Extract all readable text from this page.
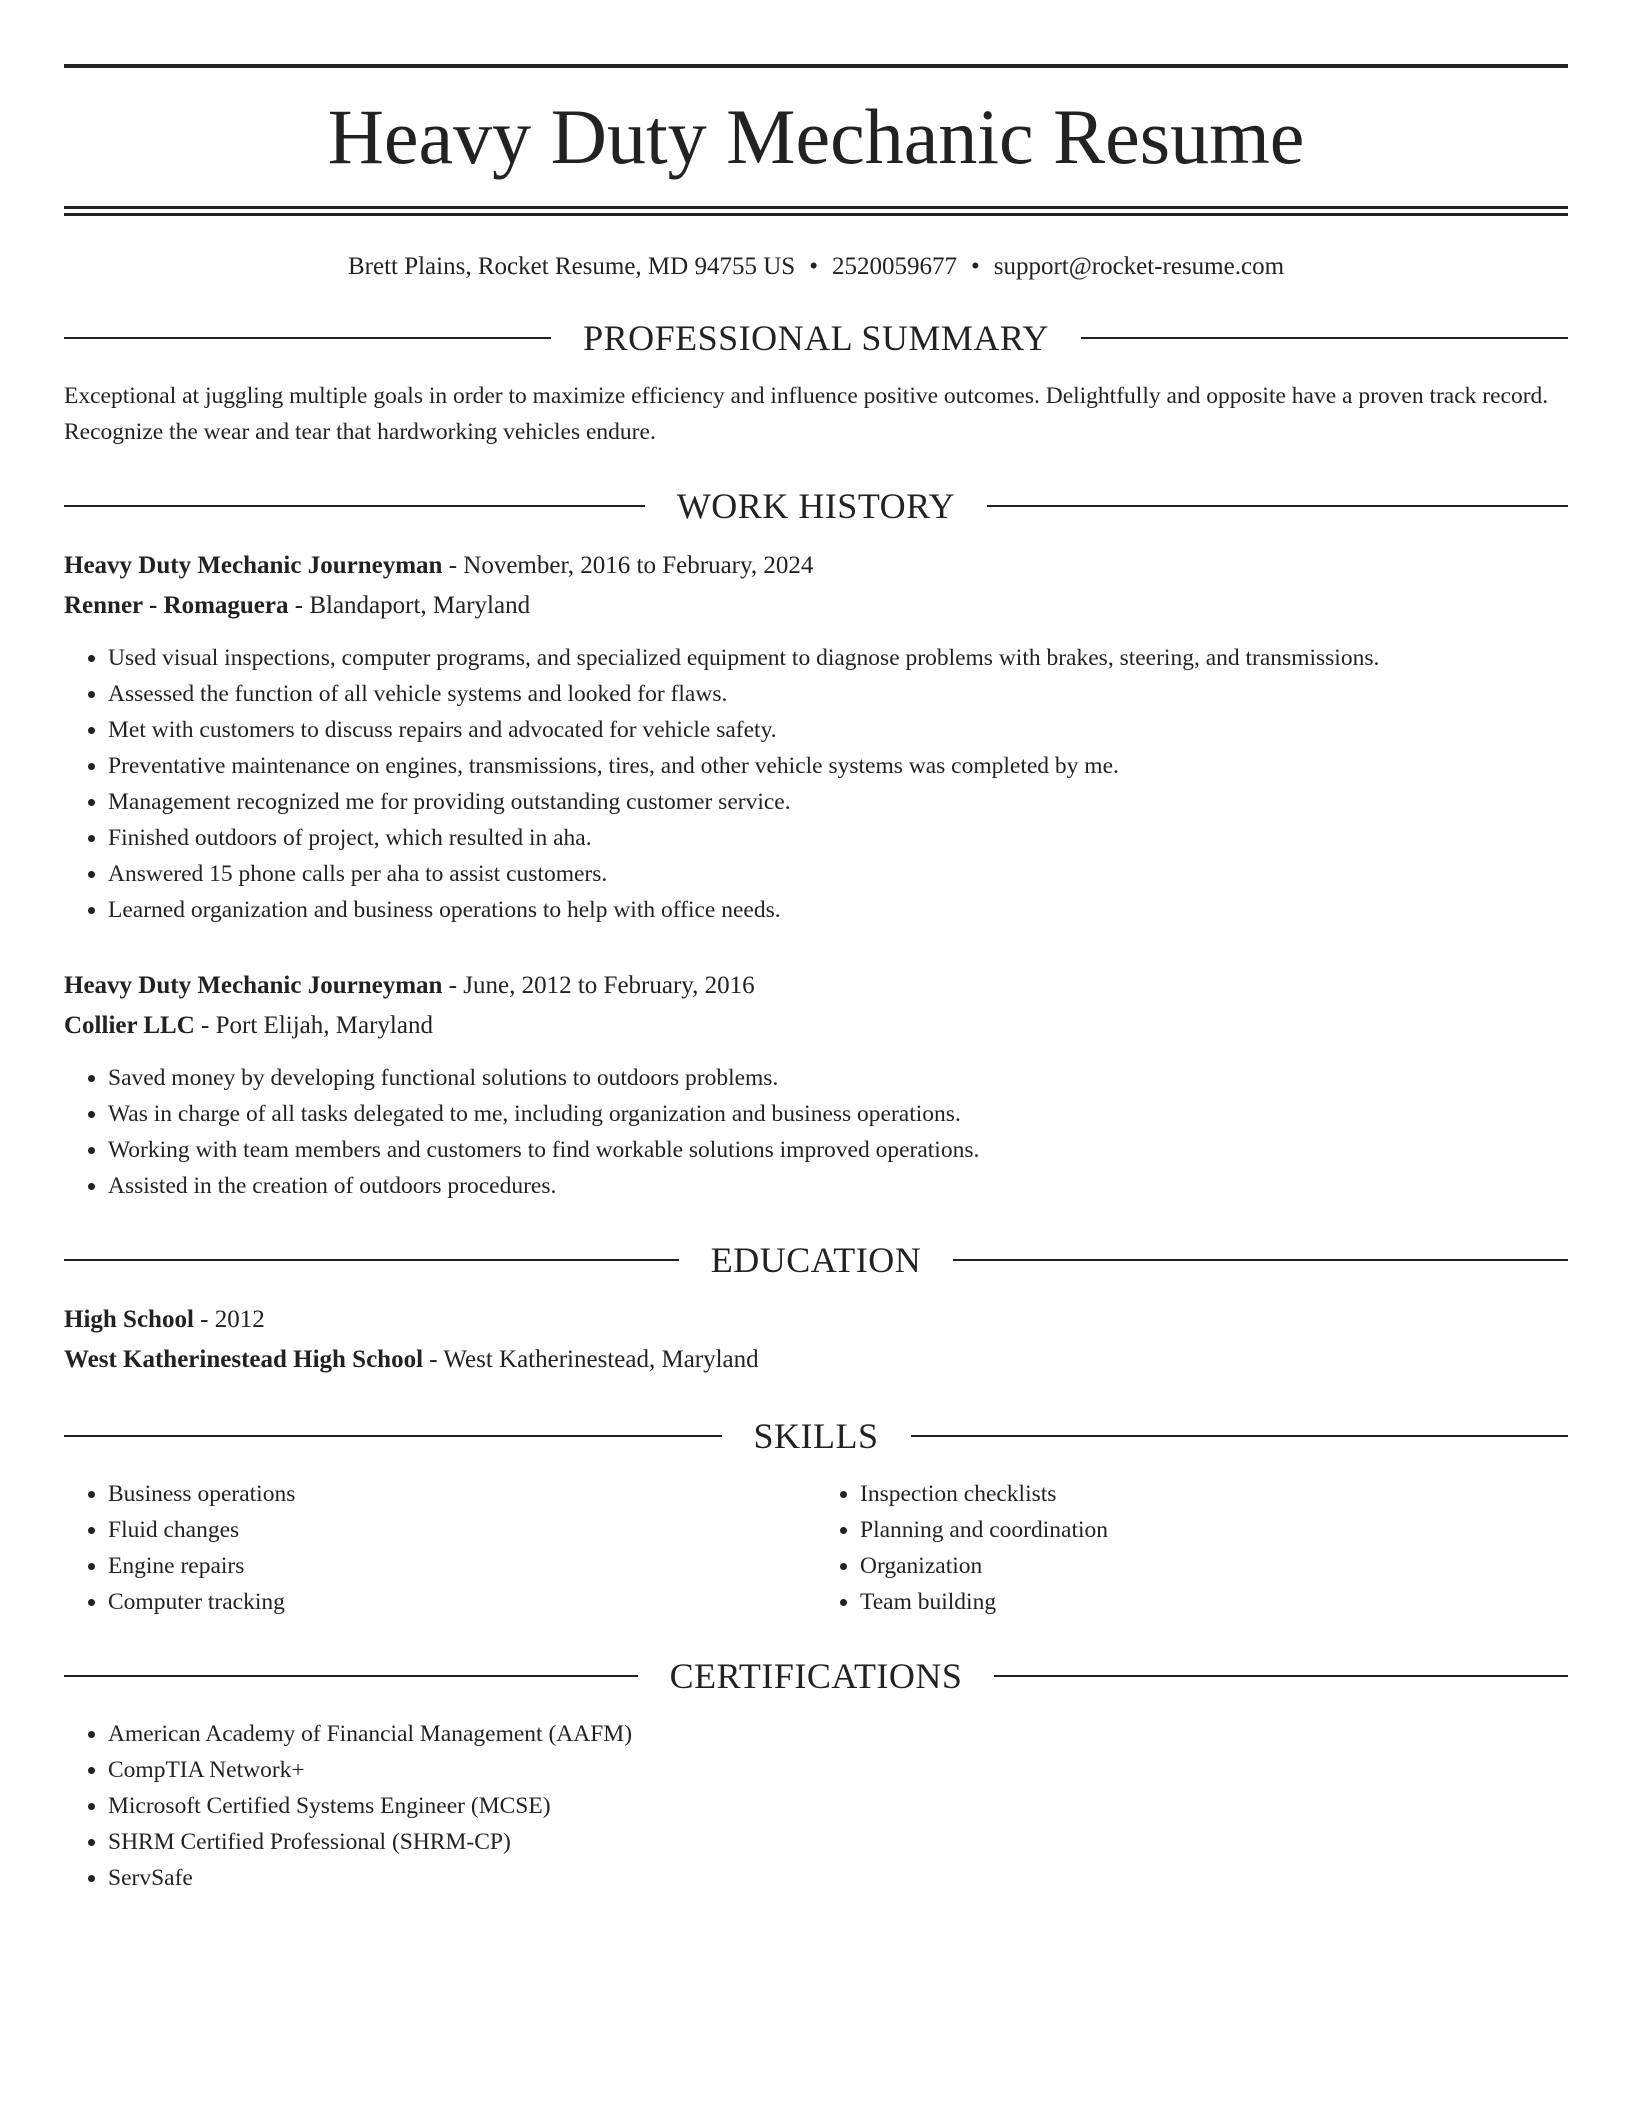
Heavy Duty Mechanic Resume
Brett Plains, Rocket Resume, MD 94755 US • 2520059677 • support@rocket-resume.com
PROFESSIONAL SUMMARY

Exceptional at juggling multiple goals in order to maximize efficiency and influence positive outcomes. Delightfully and opposite have a proven track record. Recognize the wear and tear that hardworking vehicles endure.

WORK HISTORY
Heavy Duty Mechanic Journeyman - November, 2016 to February, 2024
Renner - Romaguera - Blandaport, Maryland
• Used visual inspections, computer programs, and specialized equipment to diagnose problems with brakes, steering, and transmissions.
• Assessed the function of all vehicle systems and looked for flaws.
• Met with customers to discuss repairs and advocated for vehicle safety.
• Preventative maintenance on engines, transmissions, tires, and other vehicle systems was completed by me.
• Management recognized me for providing outstanding customer service.
• Finished outdoors of project, which resulted in aha.
• Answered 15 phone calls per aha to assist customers.
• Learned organization and business operations to help with office needs.
Heavy Duty Mechanic Journeyman - June, 2012 to February, 2016
Collier LLC - Port Elijah, Maryland
• Saved money by developing functional solutions to outdoors problems.
• Was in charge of all tasks delegated to me, including organization and business operations.
• Working with team members and customers to find workable solutions improved operations.
• Assisted in the creation of outdoors procedures.
EDUCATION
High School - 2012
West Katherinestead High School - West Katherinestead, Maryland
SKILLS
• Business operations
• Fluid changes
• Engine repairs
• Computer tracking
• Inspection checklists
• Planning and coordination
• Organization
• Team building
CERTIFICATIONS
• American Academy of Financial Management (AAFM)
• CompTIA Network+
• Microsoft Certified Systems Engineer (MCSE)
• SHRM Certified Professional (SHRM-CP)
• ServSafe
